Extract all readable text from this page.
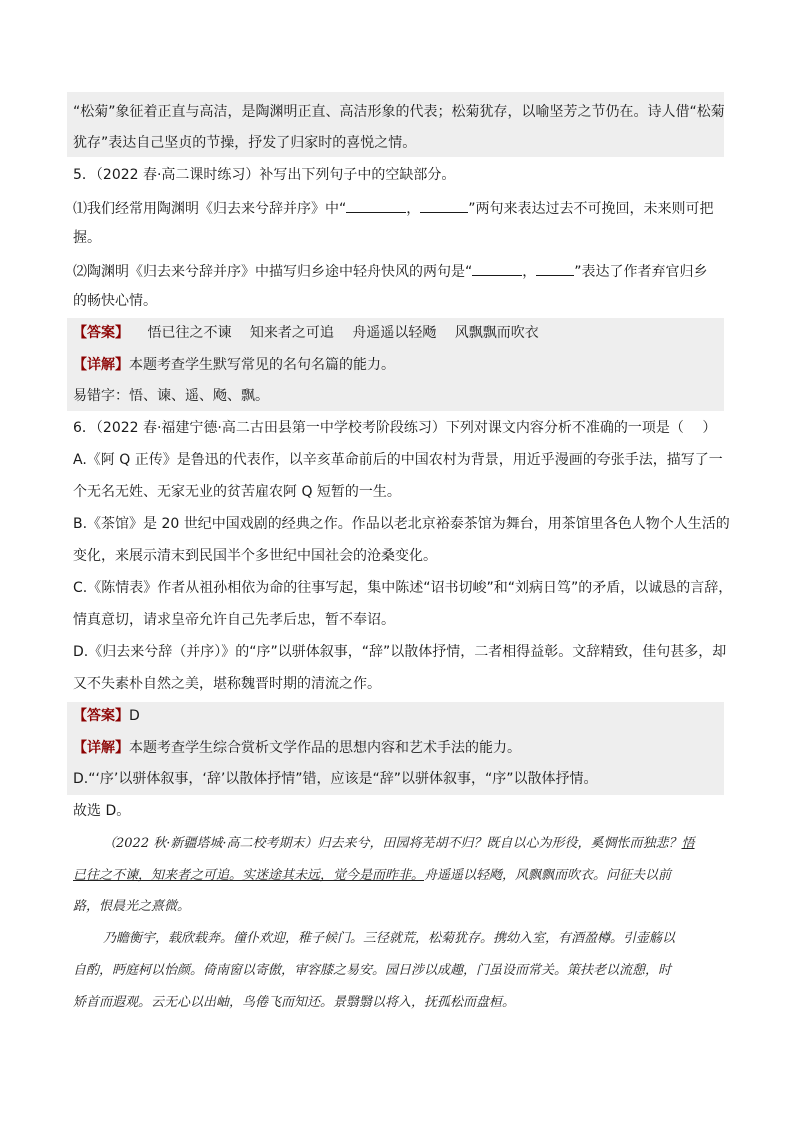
“松菊”象征着正直与高洁，是陶渊明正直、高洁形象的代表；松菊犹存，以喻坚芳之节仍在。诗人借“松菊
犹存”表达自己坚贞的节操，抒发了归家时的喜悦之情。
5．（2022 春·高二课时练习）补写出下列句子中的空缺部分。
⑴我们经常用陶渊明《归去来兮辞并序》中“	，	”两句来表达过去不可挽回，未来则可把
握。
⑵陶渊明《归去来兮辞并序》中描写归乡途中轻舟快风的两句是“	，	”表达了作者弃官归乡
的畅快心情。
【答案】 悟已往之不谏　 知来者之可追　 舟遥遥以轻飏　 风飘飘而吹衣
【详解】本题考查学生默写常见的名句名篇的能力。
易错字：悟、谏、遥、飏、飘。
6．（2022 春·福建宁德·高二古田县第一中学校考阶段练习）下列对课文内容分析不准确的一项是（　 ）
A.《阿 Q 正传》是鲁迅的代表作，以辛亥革命前后的中国农村为背景，用近乎漫画的夸张手法，描写了一
个无名无姓、无家无业的贫苦雇农阿 Q 短暂的一生。
B.《茶馆》是 20 世纪中国戏剧的经典之作。作品以老北京裕泰茶馆为舞台，用茶馆里各色人物个人生活的
变化，来展示清末到民国半个多世纪中国社会的沧桑变化。
C.《陈情表》作者从祖孙相依为命的往事写起，集中陈述“诏书切峻”和“刘病日笃”的矛盾，以诚恳的言辞，
情真意切，请求皇帝允许自己先孝后忠，暂不奉诏。
D.《归去来兮辞（并序）》的“序”以骈体叙事，“辞”以散体抒情，二者相得益彰。文辞精致，佳句甚多，却
又不失素朴自然之美，堪称魏晋时期的清流之作。
【答案】D
【详解】本题考查学生综合赏析文学作品的思想内容和艺术手法的能力。
D.“‘序’以骈体叙事，‘辞’以散体抒情”错，应该是“辞”以骈体叙事，“序”以散体抒情。
故选 D。
（2022 秋·新疆塔城·高二校考期末）归去来兮，田园将芜胡不归？既自以心为形役，奚惆怅而独悲？悟
已往之不谏，知来者之可追。实迷途其未远，觉今是而昨非。舟遥遥以轻飏，风飘飘而吹衣。问征夫以前
路，恨晨光之熹微。
乃瞻衡宇，载欣载奔。僮仆欢迎，稚子候门。三径就荒，松菊犹存。携幼入室，有酒盈樽。引壶觞以
自酌，眄庭柯以怡颜。倚南窗以寄傲，审容膝之易安。园日涉以成趣，门虽设而常关。策扶老以流憩，时
矫首而遐观。云无心以出岫，鸟倦飞而知还。景翳翳以将入，抚孤松而盘桓。
